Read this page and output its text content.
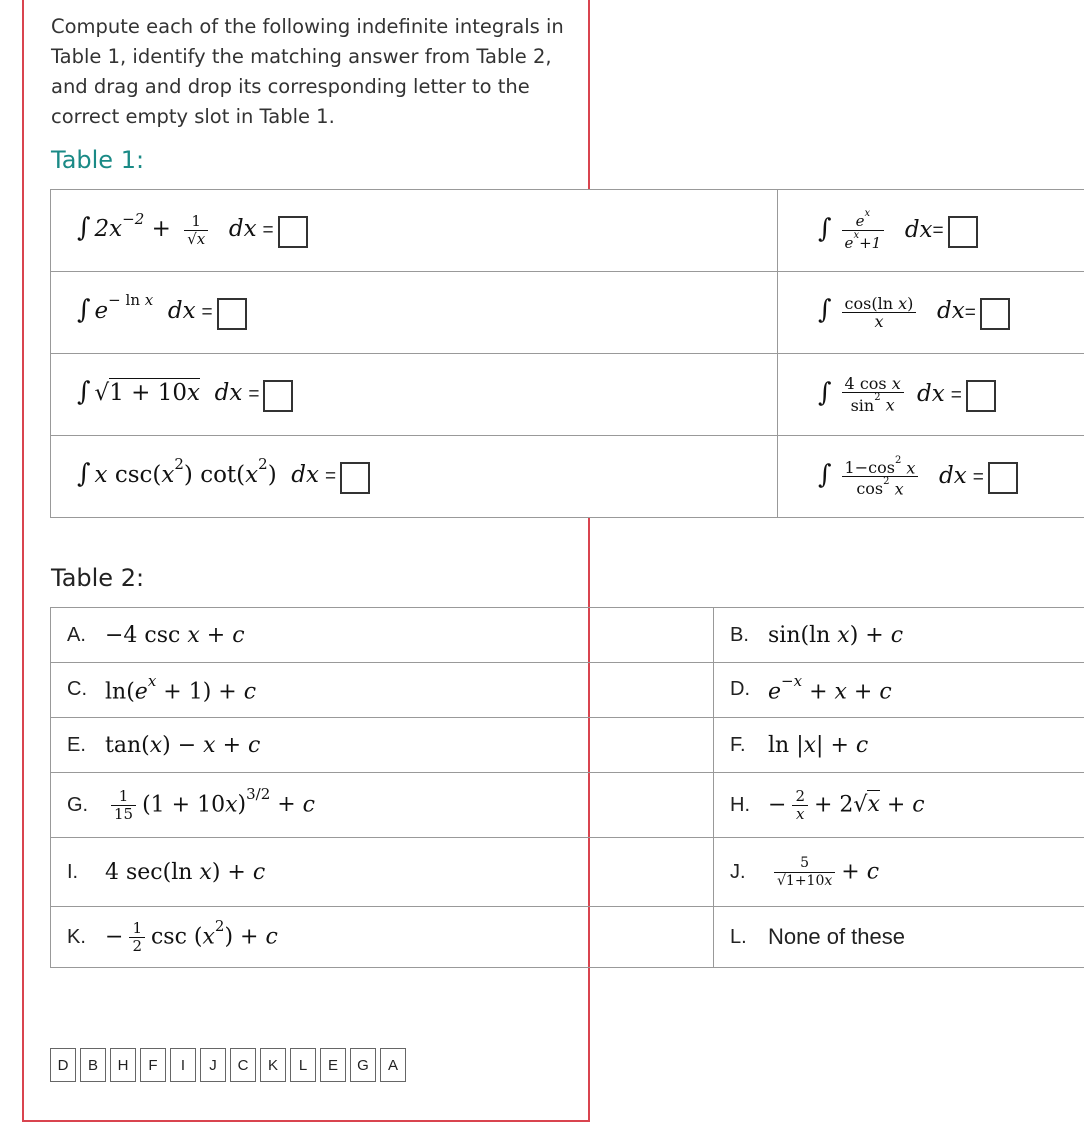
Compute each of the following indefinite integrals in Table 1, identify the matching answer from Table 2, and drag and drop its corresponding letter to the correct empty slot in Table 1.
Table 1:
∫ $2x^{-2} + \frac{1}{√x}$ dx =	∫ $\frac{e^x}{e^x+1} dx=$
∫ $e^{- ln x}$  dx =	∫ $\frac{\text{cos(ln x)}}{x} dx=$
∫ √1 + 10x  dx =	∫ $\frac{\text{4 cos x}}{\sin^2 x}$ dx =
∫ x $\csc(x^2)$ $\cot(x^2)$  dx =	∫ $\frac{1-\cos^2 x}{\cos^2 x}$ dx =
Table 2:
A. −4 csc x + c	B. sin(ln x) + c

C. $\ln(e^x + 1) + c$	D. $e^{-x} + x + c$

E. tan(x) − x + c	F. ln |x| + c

G. $\frac{1}{15} (1 + 10x)^{3/2} + c$	H. − $\frac{2}{x} + 2√x + c$

I. 4 sec(ln x) + c	J. $\frac{5}{√1+10x} + c$

K. − $\frac{1}{2}$ $\csc (x^2) + c$	L. None of these
D	B	H	F	I	J	C	K	L	E	G	A
